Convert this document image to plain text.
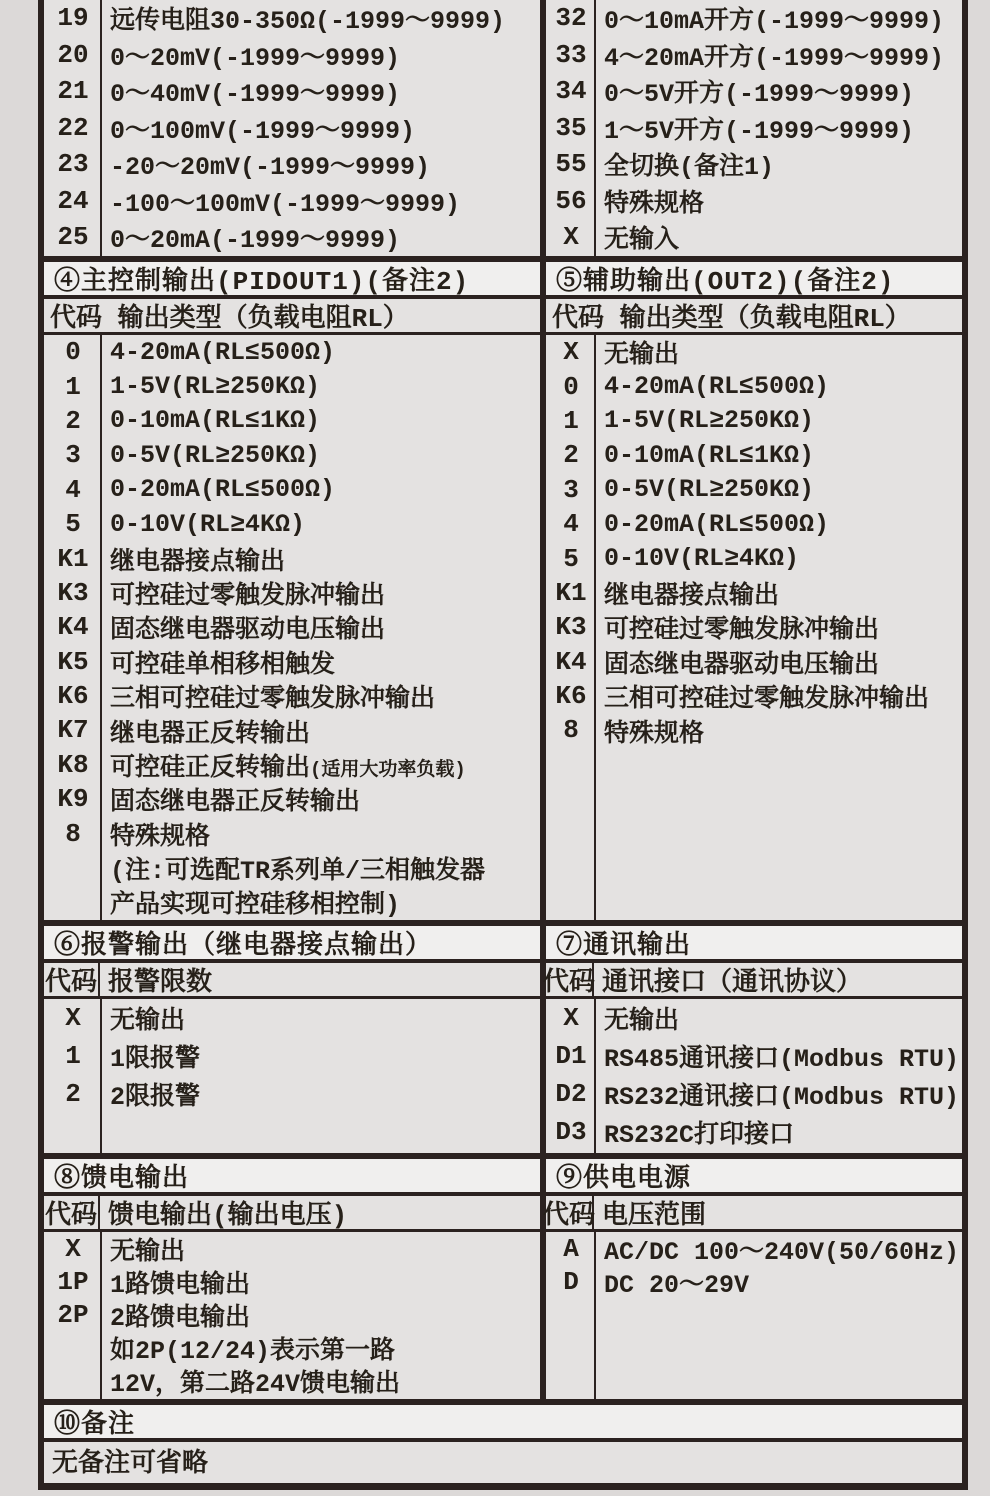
19 远传电阻30-350Ω(-1999～9999)
20 0～20mV(-1999～9999)
21 0～40mV(-1999～9999)
22 0～100mV(-1999～9999)
23 -20～20mV(-1999～9999)
24 -100～100mV(-1999～9999)
25 0～20mA(-1999～9999)
32 0～10mA开方(-1999～9999)
33 4～20mA开方(-1999～9999)
34 0～5V开方(-1999～9999)
35 1～5V开方(-1999～9999)
55 全切换(备注1)
56 特殊规格
X	无输入
④主控制输出(PIDOUT1)(备注2)
代码 输出类型（负载电阻RL）
0	4-20mA(RL≤500Ω)
1	1-5V(RL≥250KΩ)
2	0-10mA(RL≤1KΩ)
3	0-5V(RL≥250KΩ)
4	0-20mA(RL≤500Ω)
5	0-10V(RL≥4KΩ)
K1 继电器接点输出
K3 可控硅过零触发脉冲输出
K4 固态继电器驱动电压输出
K5 可控硅单相移相触发
K6 三相可控硅过零触发脉冲输出
K7 继电器正反转输出
K8 可控硅正反转输出(适用大功率负载)
K9 固态继电器正反转输出
8	特殊规格
(注:可选配TR系列单/三相触发器
产品实现可控硅移相控制)
⑤辅助输出(OUT2)(备注2)
代码 输出类型（负载电阻RL）
X	无输出
0	4-20mA(RL≤500Ω)
1	1-5V(RL≥250KΩ)
2	0-10mA(RL≤1KΩ)
3	0-5V(RL≥250KΩ)
4	0-20mA(RL≤500Ω)
5	0-10V(RL≥4KΩ)
K1 继电器接点输出
K3 可控硅过零触发脉冲输出
K4 固态继电器驱动电压输出
K6 三相可控硅过零触发脉冲输出
8	特殊规格
⑥报警输出（继电器接点输出）
代码 报警限数
X	无输出
1	1限报警
2	2限报警
⑦通讯输出
代码 通讯接口（通讯协议）
X	无输出
D1 RS485通讯接口(Modbus RTU)
D2 RS232通讯接口(Modbus RTU)
D3 RS232C打印接口
⑧馈电输出
代码 馈电输出(输出电压)
X	无输出
1P 1路馈电输出
2P 2路馈电输出
如2P(12/24)表示第一路
12V，第二路24V馈电输出
⑨供电电源
代码 电压范围
A	AC/DC 100～240V(50/60Hz)
D	DC 20～29V
⑩备注
无备注可省略
